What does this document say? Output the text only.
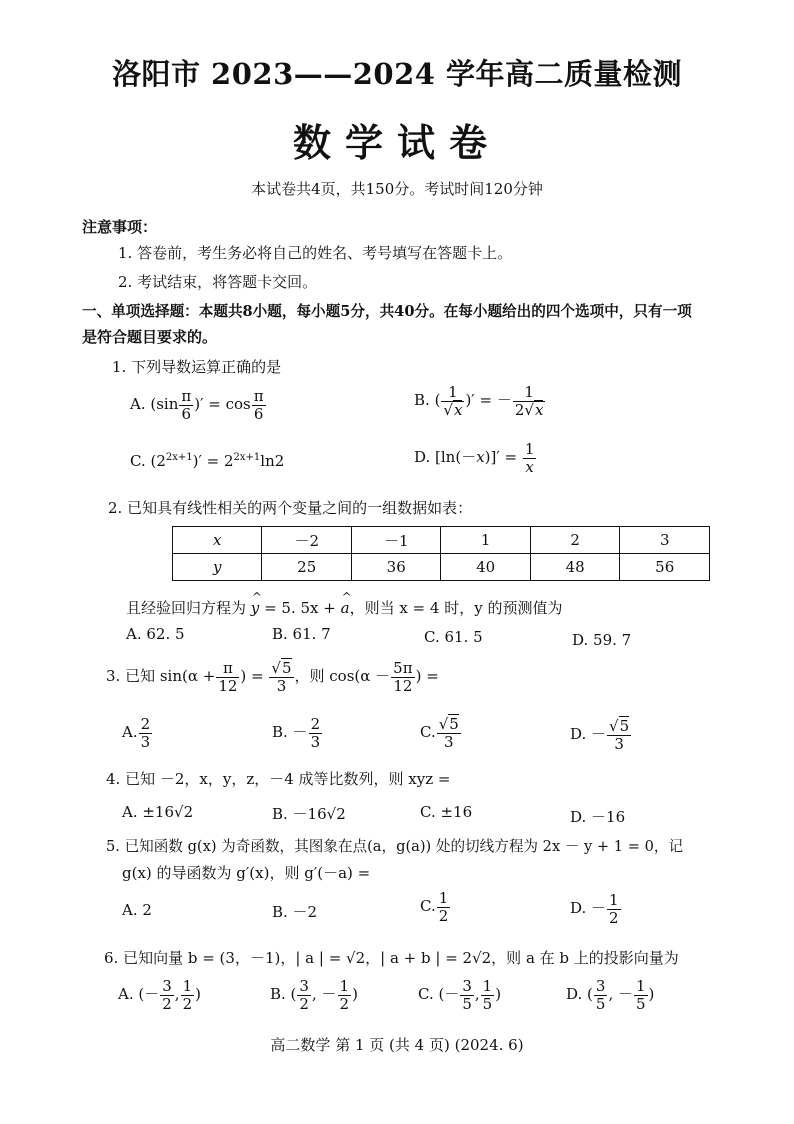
洛阳市 2023——2024 学年高二质量检测
数学试卷
本试卷共4页，共150分。考试时间120分钟
注意事项：
1. 答卷前，考生务必将自己的姓名、考号填写在答题卡上。
2. 考试结束，将答题卡交回。
一、单项选择题：本题共8小题，每小题5分，共40分。在每小题给出的四个选项中，只有一项
是符合题目要求的。
1. 下列导数运算正确的是
A. ($\sin \frac{\pi}{6}$ )′ = $\cos \frac{\pi}{6}$	B. ( $\frac{1}{√x}$ )′ = － $\frac{1}{2√x}$
C. $(2^{2x+1})' = 2^{2x+1}\ln 2$	D. $[\ln(-x)]' = \frac{1}{x}$
2. 已知具有线性相关的两个变量之间的一组数据如表：
x	－2	－1	1	2	3
y	25	36	40	48	56
且经验回归方程为
^
y = 5. 5x +
^
a，则当 x = 4 时，y 的预测值为
A. 62. 5	B. 61. 7	C. 61. 5	D. 59. 7
3. 已知 $\sin(\alpha + \frac{\pi}{12}$ ) = $\frac{√5}{3}$ ，则 $\cos(\alpha - \frac{5\pi}{12}$ ) =
A. $\frac{2}{3}$	B. － $\frac{2}{3}$	C. $\frac{√5}{3}$	D. － $\frac{√5}{3}$
4. 已知 －2，x，y，z，－4 成等比数列，则 xyz =
A. ±16√2	B. －16√2	C. ±16	D. －16
5. 已知函数 g(x) 为奇函数，其图象在点(a，g(a)) 处的切线方程为 2x － y + 1 = 0，记
g(x) 的导函数为 g′(x)，则 g′(－a) =
A. 2	B. －2	C. $\frac{1}{2}$	D. － $\frac{1}{2}$
6. 已知向量 b = (3，－1)，| a | = √2，| a + b | = 2√2，则 a 在 b 上的投影向量为
A. (－ $\frac{3}{2}$ , $\frac{1}{2}$ )	B. ( $\frac{3}{2}$ , － $\frac{1}{2}$ )	C. (－ $\frac{3}{5}$ , $\frac{1}{5}$ )	D. ( $\frac{3}{5}$ , － $\frac{1}{5}$ )
高二数学 第 1 页 (共 4 页) (2024. 6)
